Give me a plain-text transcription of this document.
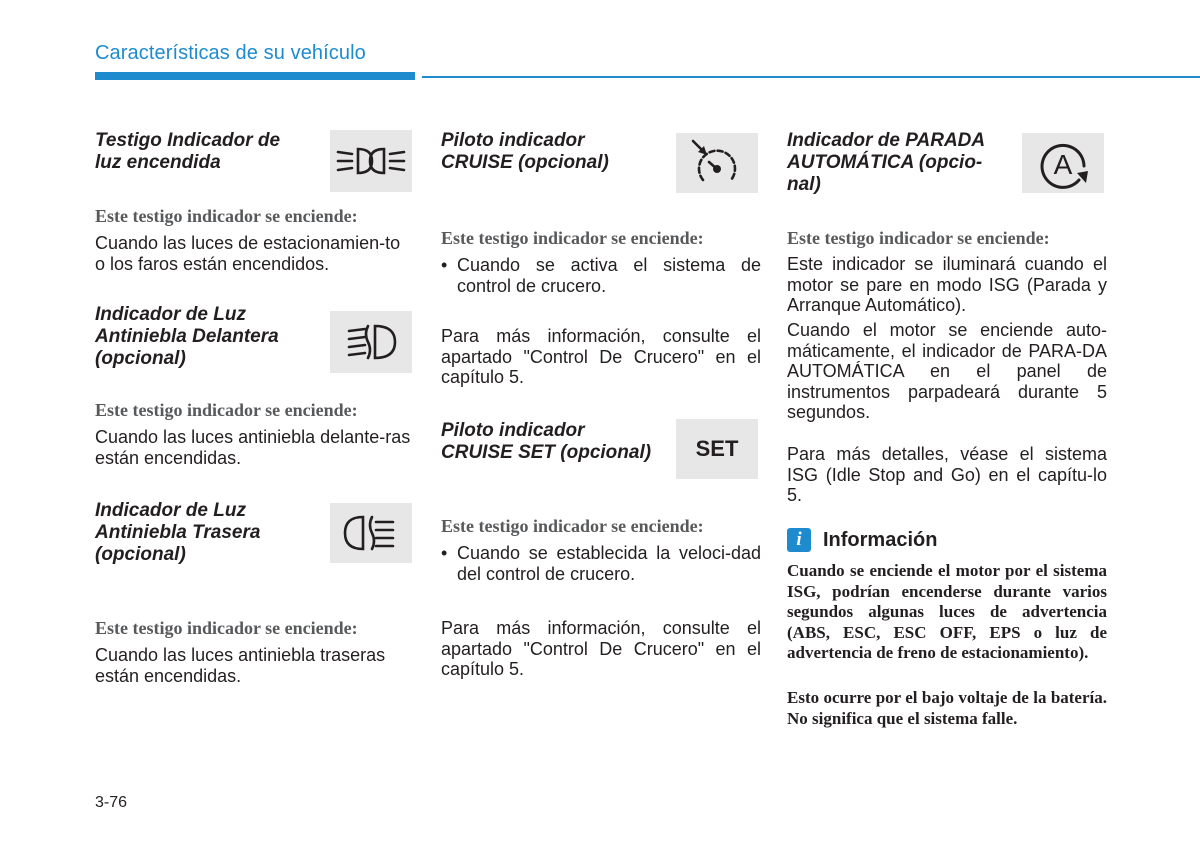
Características de su vehículo
Testigo Indicador de
luz encendida
Este testigo indicador se enciende:
Cuando las luces de estacionamien-to o los faros están encendidos.
Indicador de Luz
Antiniebla Delantera
(opcional)
Este testigo indicador se enciende:
Cuando las luces antiniebla delante-ras están encendidas.
Indicador de Luz
Antiniebla Trasera
(opcional)
Este testigo indicador se enciende:
Cuando las luces antiniebla traseras están encendidas.
Piloto indicador
CRUISE (opcional)
Este testigo indicador se enciende:
• Cuando se activa el sistema de control de crucero.
Para más información, consulte el apartado "Control De Crucero" en el capítulo 5.
Piloto indicador
CRUISE SET (opcional)	SET
Este testigo indicador se enciende:
• Cuando se establecida la veloci-dad del control de crucero.
Para más información, consulte el apartado "Control De Crucero" en el capítulo 5.
Indicador de PARADA
AUTOMÁTICA (opcio-
nal)
A
Este testigo indicador se enciende:
Este indicador se iluminará cuando el motor se pare en modo ISG (Parada y Arranque Automático).
Cuando el motor se enciende auto-máticamente, el indicador de PARA-DA AUTOMÁTICA en el panel de instrumentos parpadeará durante 5 segundos.
Para más detalles, véase el sistema ISG (Idle Stop and Go) en el capítu-lo 5.
i	Información
Cuando se enciende el motor por el sistema ISG, podrían encenderse durante varios segundos algunas luces de advertencia (ABS, ESC, ESC OFF, EPS o luz de advertencia de freno de estacionamiento).
Esto ocurre por el bajo voltaje de la batería. No significa que el sistema falle.
3-76
